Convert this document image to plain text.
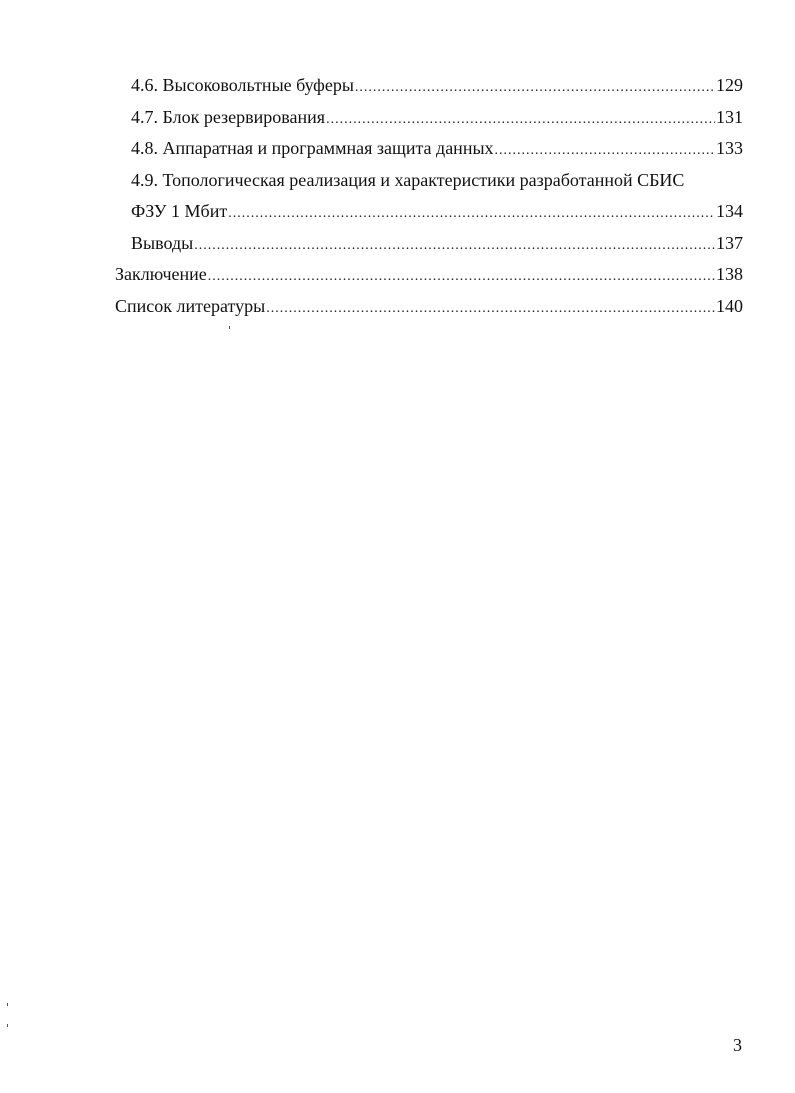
4.6. Высоковольтные буферы .....	129
4.7. Блок резервирования .....	131
4.8. Аппаратная и программная защита данных .....	133
4.9. Топологическая реализация и характеристики разработанной СБИС
ФЗУ 1 Мбит .....	134
Выводы .....	137
Заключение .....	138
Список литературы .....	140
3
